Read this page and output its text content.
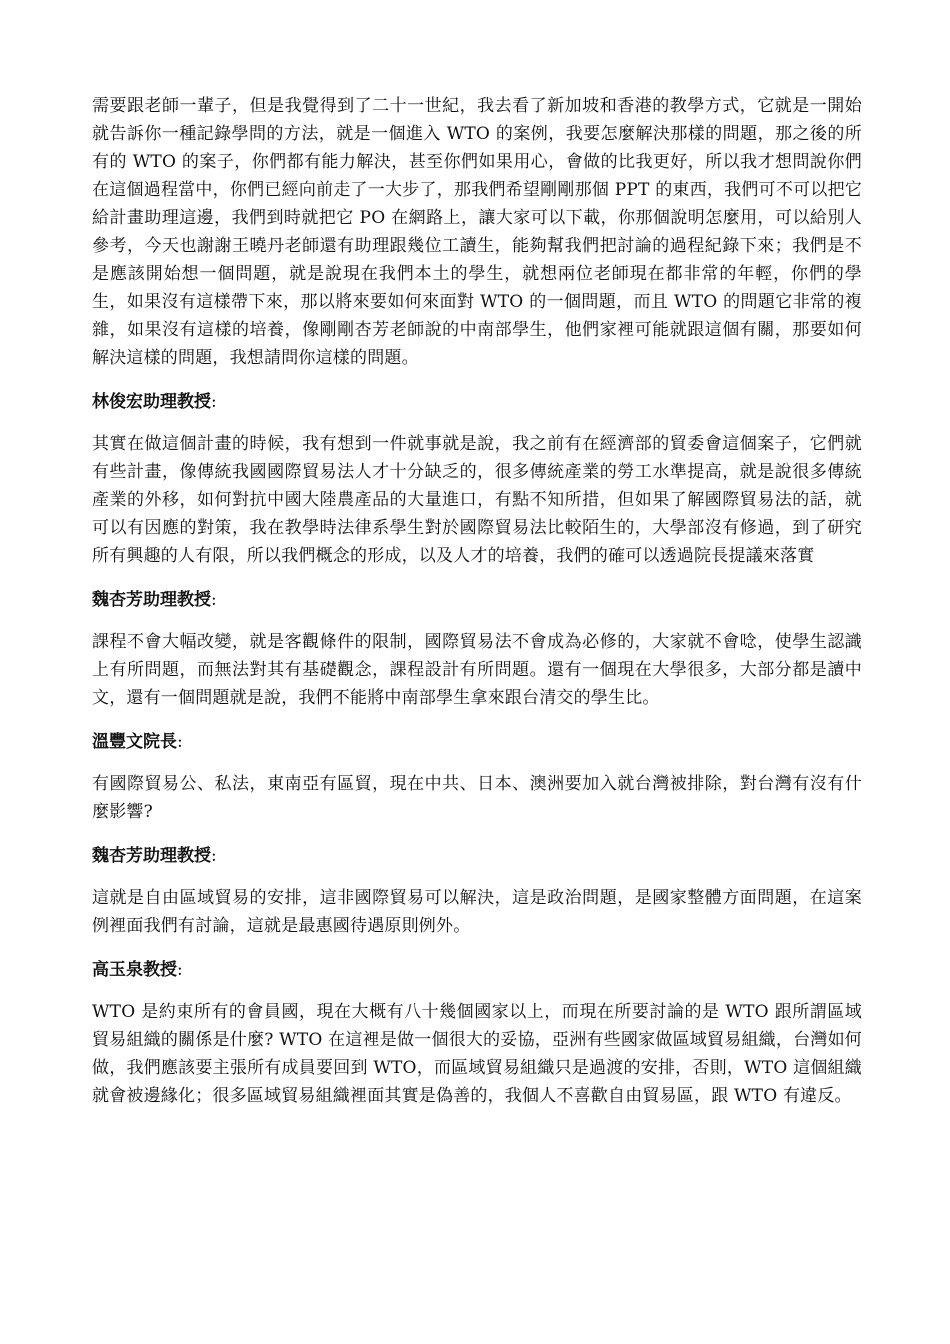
需要跟老師一輩子，但是我覺得到了二十一世紀，我去看了新加坡和香港的教學方式，它就是一開始就告訴你一種記錄學問的方法，就是一個進入 WTO 的案例，我要怎麼解決那樣的問題，那之後的所有的 WTO 的案子，你們都有能力解決，甚至你們如果用心，會做的比我更好，所以我才想問說你們在這個過程當中，你們已經向前走了一大步了，那我們希望剛剛那個 PPT 的東西，我們可不可以把它給計畫助理這邊，我們到時就把它 PO 在網路上，讓大家可以下載，你那個說明怎麼用，可以給別人參考，今天也謝謝王曉丹老師還有助理跟幾位工讀生，能夠幫我們把討論的過程紀錄下來；我們是不是應該開始想一個問題，就是說現在我們本土的學生，就想兩位老師現在都非常的年輕，你們的學生，如果沒有這樣帶下來，那以將來要如何來面對 WTO 的一個問題，而且 WTO 的問題它非常的複雜，如果沒有這樣的培養，像剛剛杏芳老師說的中南部學生，他們家裡可能就跟這個有關，那要如何解決這樣的問題，我想請問你這樣的問題。

林俊宏助理教授:

其實在做這個計畫的時候，我有想到一件就事就是說，我之前有在經濟部的貿委會這個案子，它們就有些計畫，像傳統我國國際貿易法人才十分缺乏的，很多傳統產業的勞工水準提高，就是說很多傳統產業的外移，如何對抗中國大陸農產品的大量進口，有點不知所措，但如果了解國際貿易法的話，就可以有因應的對策，我在教學時法律系學生對於國際貿易法比較陌生的，大學部沒有修過，到了研究所有興趣的人有限，所以我們概念的形成，以及人才的培養，我們的確可以透過院長提議來落實

魏杏芳助理教授:

課程不會大幅改變，就是客觀條件的限制，國際貿易法不會成為必修的，大家就不會唸，使學生認識上有所問題，而無法對其有基礎觀念，課程設計有所問題。還有一個現在大學很多，大部分都是讀中文，還有一個問題就是說，我們不能將中南部學生拿來跟台清交的學生比。

溫豐文院長:

有國際貿易公、私法，東南亞有區貿，現在中共、日本、澳洲要加入就台灣被排除，對台灣有沒有什麼影響?

魏杏芳助理教授:

這就是自由區域貿易的安排，這非國際貿易可以解決，這是政治問題，是國家整體方面問題，在這案例裡面我們有討論，這就是最惠國待遇原則例外。

高玉泉教授:

WTO 是約束所有的會員國，現在大概有八十幾個國家以上，而現在所要討論的是 WTO 跟所謂區域貿易組織的關係是什麼? WTO 在這裡是做一個很大的妥協，亞洲有些國家做區域貿易組織，台灣如何做，我們應該要主張所有成員要回到 WTO，而區域貿易組織只是過渡的安排，否則，WTO 這個組織就會被邊緣化；很多區域貿易組織裡面其實是偽善的，我個人不喜歡自由貿易區，跟 WTO 有違反。
